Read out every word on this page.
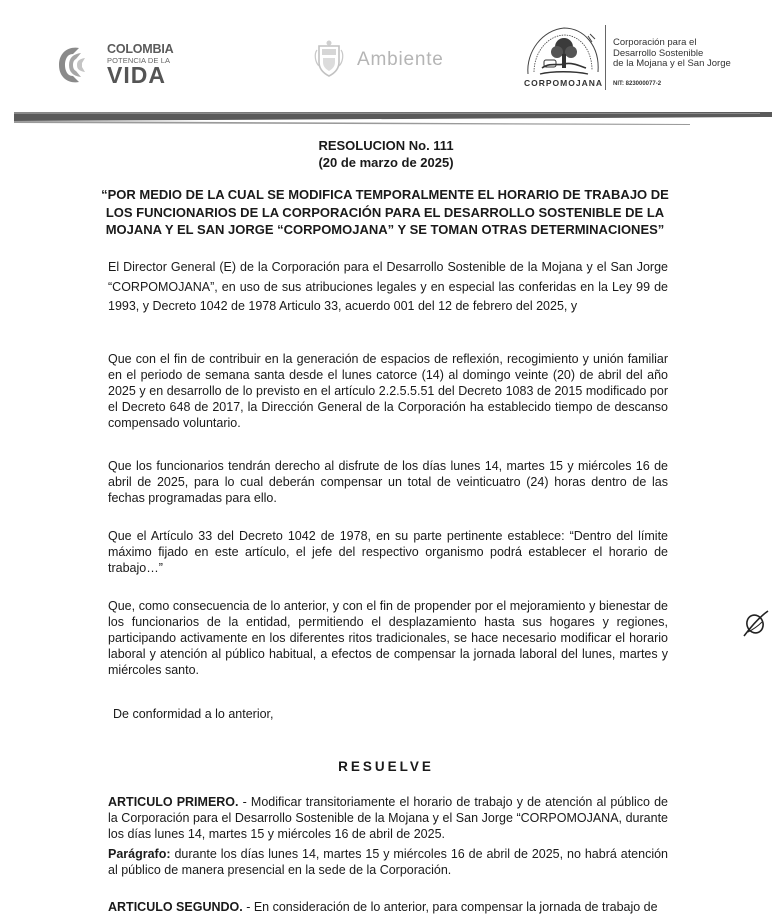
COLOMBIA
POTENCIA DE LA
VIDA
Ambiente
CORPOMOJANA
Corporación para el
Desarrollo Sostenible
de la Mojana y el San Jorge
NIT: 823000077-2
RESOLUCION No. 111
(20 de marzo de 2025)
“POR MEDIO DE LA CUAL SE MODIFICA TEMPORALMENTE EL HORARIO DE TRABAJO DE LOS FUNCIONARIOS DE LA CORPORACIÓN PARA EL DESARROLLO SOSTENIBLE DE LA MOJANA Y EL SAN JORGE “CORPOMOJANA” Y SE TOMAN OTRAS DETERMINACIONES”
El Director General (E) de la Corporación para el Desarrollo Sostenible de la Mojana y el San Jorge “CORPOMOJANA”, en uso de sus atribuciones legales y en especial las conferidas en la Ley 99 de 1993, y Decreto 1042 de 1978 Articulo 33, acuerdo 001 del 12 de febrero del 2025, y
Que con el fin de contribuir en la generación de espacios de reflexión, recogimiento y unión familiar en el periodo de semana santa desde el lunes catorce (14) al domingo veinte (20) de abril del año 2025 y en desarrollo de lo previsto en el artículo 2.2.5.5.51 del Decreto 1083 de 2015 modificado por el Decreto 648 de 2017, la Dirección General de la Corporación ha establecido tiempo de descanso compensado voluntario.
Que los funcionarios tendrán derecho al disfrute de los días lunes 14, martes 15 y miércoles 16 de abril de 2025, para lo cual deberán compensar un total de veinticuatro (24) horas dentro de las fechas programadas para ello.
Que el Artículo 33 del Decreto 1042 de 1978, en su parte pertinente establece: “Dentro del límite máximo fijado en este artículo, el jefe del respectivo organismo podrá establecer el horario de trabajo…”
Que, como consecuencia de lo anterior, y con el fin de propender por el mejoramiento y bienestar de los funcionarios de la entidad, permitiendo el desplazamiento hasta sus hogares y regiones, participando activamente en los diferentes ritos tradicionales, se hace necesario modificar el horario laboral y atención al público habitual, a efectos de compensar la jornada laboral del lunes, martes y miércoles santo.
De conformidad a lo anterior,
RESUELVE
ARTICULO PRIMERO. - Modificar transitoriamente el horario de trabajo y de atención al público de la Corporación para el Desarrollo Sostenible de la Mojana y el San Jorge “CORPOMOJANA, durante los días lunes 14, martes 15 y miércoles 16 de abril de 2025.
Parágrafo: durante los días lunes 14, martes 15 y miércoles 16 de abril de 2025, no habrá atención al público de manera presencial en la sede de la Corporación.
ARTICULO SEGUNDO. - En consideración de lo anterior, para compensar la jornada de trabajo de
